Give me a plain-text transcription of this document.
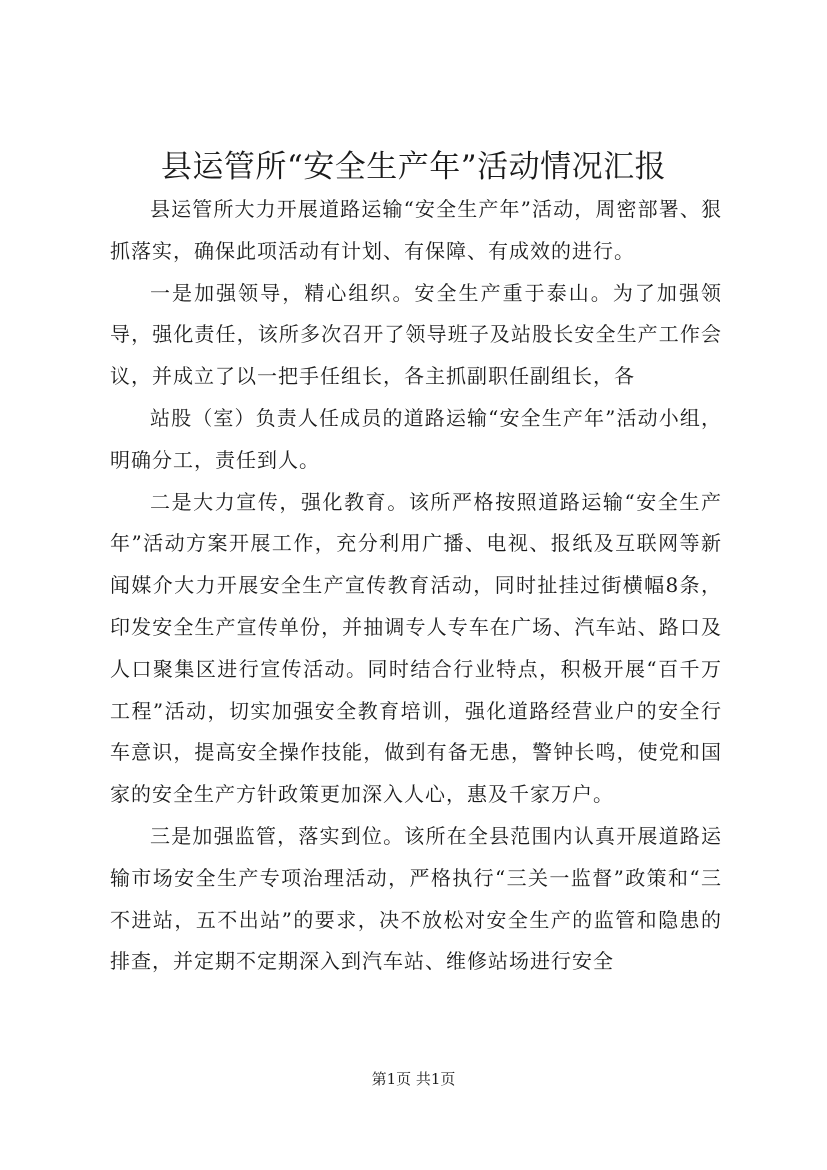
县运管所“安全生产年”活动情况汇报

县运管所大力开展道路运输“安全生产年”活动，周密部署、狠抓落实，确保此项活动有计划、有保障、有成效的进行。

一是加强领导，精心组织。安全生产重于泰山。为了加强领导，强化责任，该所多次召开了领导班子及站股长安全生产工作会议，并成立了以一把手任组长，各主抓副职任副组长，各

站股（室）负责人任成员的道路运输“安全生产年”活动小组，明确分工，责任到人。

二是大力宣传，强化教育。该所严格按照道路运输“安全生产年”活动方案开展工作，充分利用广播、电视、报纸及互联网等新闻媒介大力开展安全生产宣传教育活动，同时扯挂过街横幅8条，印发安全生产宣传单份，并抽调专人专车在广场、汽车站、路口及人口聚集区进行宣传活动。同时结合行业特点，积极开展“百千万工程”活动，切实加强安全教育培训，强化道路经营业户的安全行车意识，提高安全操作技能，做到有备无患，警钟长鸣，使党和国家的安全生产方针政策更加深入人心，惠及千家万户。

三是加强监管，落实到位。该所在全县范围内认真开展道路运输市场安全生产专项治理活动，严格执行“三关一监督”政策和“三不进站，五不出站”的要求，决不放松对安全生产的监管和隐患的排查，并定期不定期深入到汽车站、维修站场进行安全

第1页 共1页
